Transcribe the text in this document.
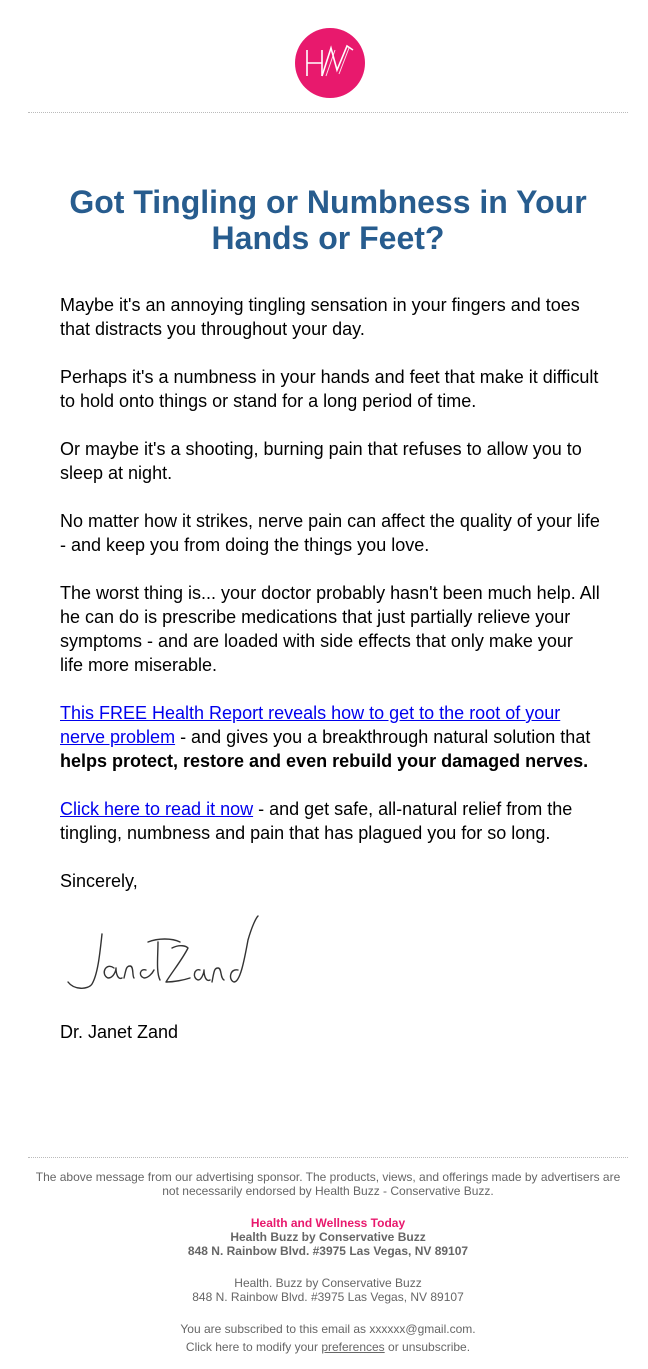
Got Tingling or Numbness in Your Hands or Feet?

Maybe it's an annoying tingling sensation in your fingers and toes that distracts you throughout your day.

Perhaps it's a numbness in your hands and feet that make it difficult to hold onto things or stand for a long period of time.

Or maybe it's a shooting, burning pain that refuses to allow you to sleep at night.

No matter how it strikes, nerve pain can affect the quality of your life - and keep you from doing the things you love.

The worst thing is... your doctor probably hasn't been much help. All he can do is prescribe medications that just partially relieve your symptoms - and are loaded with side effects that only make your life more miserable.

This FREE Health Report reveals how to get to the root of your nerve problem - and gives you a breakthrough natural solution that helps protect, restore and even rebuild your damaged nerves.

Click here to read it now - and get safe, all-natural relief from the tingling, numbness and pain that has plagued you for so long.

Sincerely,

Dr. Janet Zand

The above message from our advertising sponsor. The products, views, and offerings made by advertisers are not necessarily endorsed by Health Buzz - Conservative Buzz.

Health and Wellness Today

Health Buzz by Conservative Buzz

848 N. Rainbow Blvd. #3975 Las Vegas, NV 89107

Health. Buzz by Conservative Buzz

848 N. Rainbow Blvd. #3975 Las Vegas, NV 89107

You are subscribed to this email as xxxxxx@gmail.com.

Click here to modify your preferences or unsubscribe.
